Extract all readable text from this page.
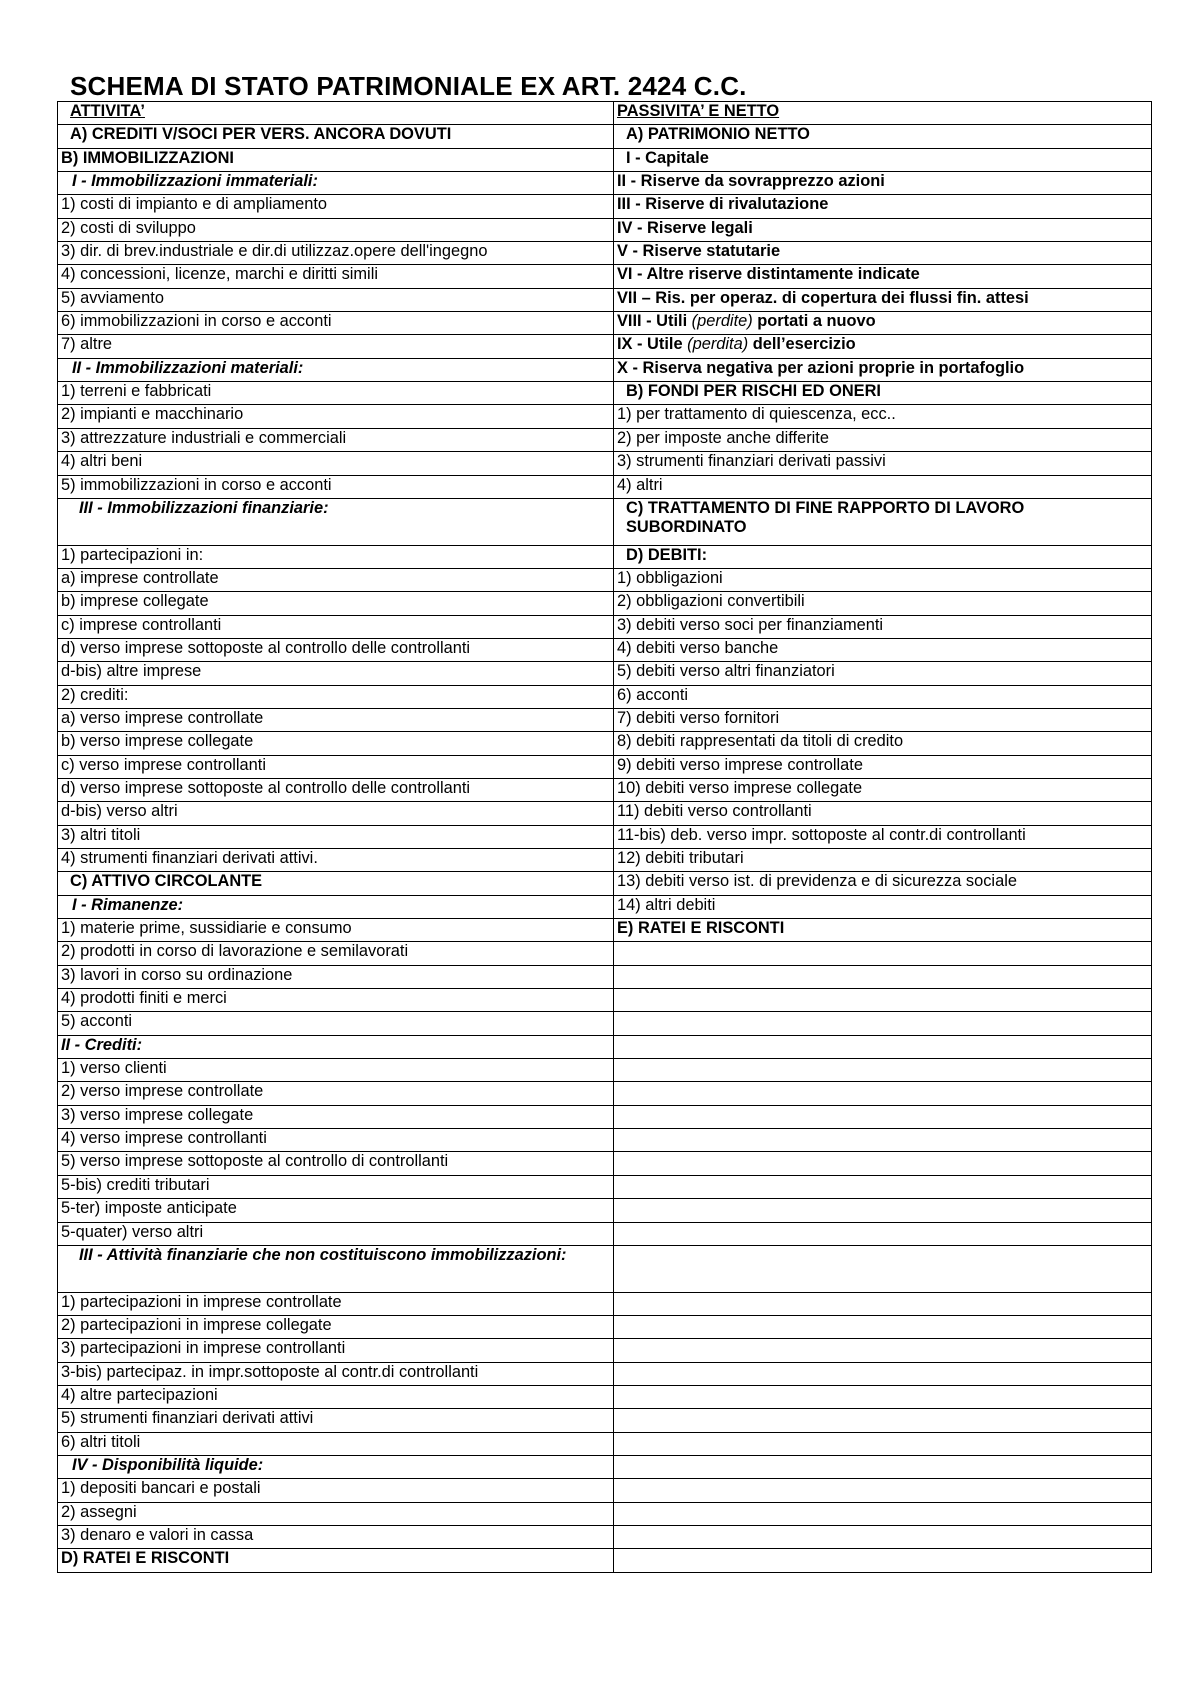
SCHEMA DI STATO PATRIMONIALE EX ART. 2424 C.C.
ATTIVITA’	PASSIVITA’ E NETTO
A) CREDITI V/SOCI PER VERS. ANCORA DOVUTI	A) PATRIMONIO NETTO
B) IMMOBILIZZAZIONI	I - Capitale
I - Immobilizzazioni immateriali:	II - Riserve da sovrapprezzo azioni
1) costi di impianto e di ampliamento	III - Riserve di rivalutazione
2) costi di sviluppo	IV - Riserve legali
3) dir. di brev.industriale e dir.di utilizzaz.opere dell'ingegno	V - Riserve statutarie
4) concessioni, licenze, marchi e diritti simili	VI - Altre riserve distintamente indicate
5) avviamento	VII – Ris. per operaz. di copertura dei flussi fin. attesi
6) immobilizzazioni in corso e acconti	VIII - Utili (perdite) portati a nuovo
7) altre	IX - Utile (perdita) dell’esercizio
II - Immobilizzazioni materiali:	X - Riserva negativa per azioni proprie in portafoglio
1) terreni e fabbricati	B) FONDI PER RISCHI ED ONERI
2) impianti e macchinario	1) per trattamento di quiescenza, ecc..
3) attrezzature industriali e commerciali	2) per imposte anche differite
4) altri beni	3) strumenti finanziari derivati passivi
5) immobilizzazioni in corso e acconti	4) altri
III - Immobilizzazioni finanziarie:	C) TRATTAMENTO DI FINE RAPPORTO DI LAVORO SUBORDINATO
1) partecipazioni in:	D) DEBITI:
a) imprese controllate	1) obbligazioni
b) imprese collegate	2) obbligazioni convertibili
c) imprese controllanti	3) debiti verso soci per finanziamenti
d) verso imprese sottoposte al controllo delle controllanti	4) debiti verso banche
d-bis) altre imprese	5) debiti verso altri finanziatori
2) crediti:	6) acconti
a) verso imprese controllate	7) debiti verso fornitori
b) verso imprese collegate	8) debiti rappresentati da titoli di credito
c) verso imprese controllanti	9) debiti verso imprese controllate
d) verso imprese sottoposte al controllo delle controllanti	10) debiti verso imprese collegate
d-bis) verso altri	11) debiti verso controllanti
3) altri titoli	11-bis) deb. verso impr. sottoposte al contr.di controllanti
4) strumenti finanziari derivati attivi.	12) debiti tributari
C) ATTIVO CIRCOLANTE	13) debiti verso ist. di previdenza e di sicurezza sociale
I - Rimanenze:	14) altri debiti
1) materie prime, sussidiarie e consumo	E) RATEI E RISCONTI
2) prodotti in corso di lavorazione e semilavorati	
3) lavori in corso su ordinazione	
4) prodotti finiti e merci	
5) acconti	
II - Crediti:	
1) verso clienti	
2) verso imprese controllate	
3) verso imprese collegate	
4) verso imprese controllanti	
5) verso imprese sottoposte al controllo di controllanti	
5-bis) crediti tributari	
5-ter) imposte anticipate	
5-quater) verso altri	
III - Attività finanziarie che non costituiscono immobilizzazioni:	
1) partecipazioni in imprese controllate	
2) partecipazioni in imprese collegate	
3) partecipazioni in imprese controllanti	
3-bis) partecipaz. in impr.sottoposte al contr.di controllanti	
4) altre partecipazioni	
5) strumenti finanziari derivati attivi	
6) altri titoli	
IV - Disponibilità liquide:	
1) depositi bancari e postali	
2) assegni	
3) denaro e valori in cassa	
D) RATEI E RISCONTI	
